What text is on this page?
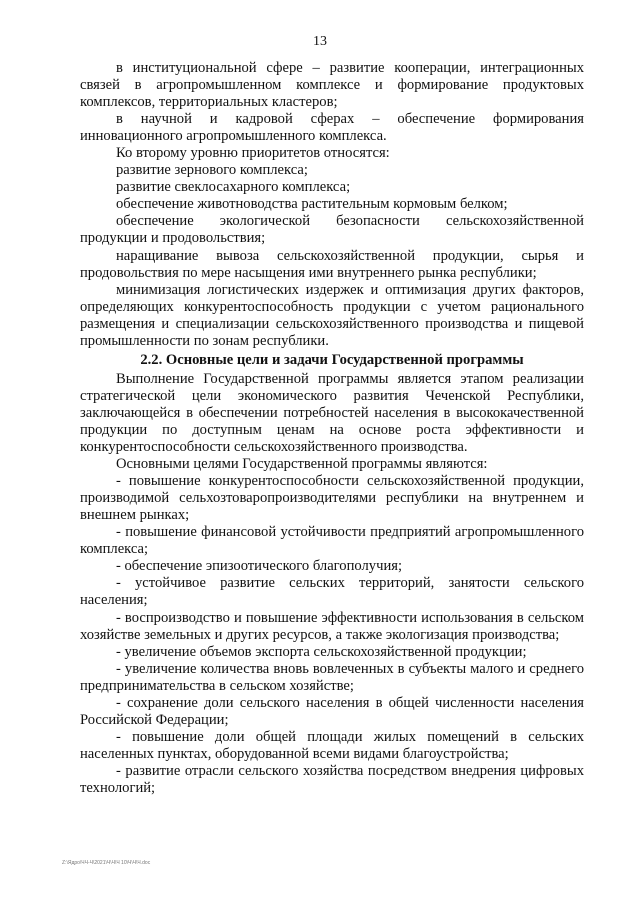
13

в институциональной сфере – развитие кооперации, интеграционных связей в агропромышленном комплексе и формирование продуктовых комплексов, территориальных кластеров;

в научной и кадровой сферах – обеспечение формирования инновационного агропромышленного комплекса.

Ко второму уровню приоритетов относятся:

развитие зернового комплекса;

развитие свеклосахарного комплекса;

обеспечение животноводства растительным кормовым белком;

обеспечение экологической безопасности сельскохозяйственной продукции и продовольствия;

наращивание вывоза сельскохозяйственной продукции, сырья и продовольствия по мере насыщения ими внутреннего рынка республики;

минимизация логистических издержек и оптимизация других факторов, определяющих конкурентоспособность продукции с учетом рационального размещения и специализации сельскохозяйственного производства и пищевой промышленности по зонам республики.

2.2. Основные цели и задачи Государственной программы

Выполнение Государственной программы является этапом реализации стратегической цели экономического развития Чеченской Республики, заключающейся в обеспечении потребностей населения в высококачественной продукции по доступным ценам на основе роста эффективности и конкурентоспособности сельскохозяйственного производства.

Основными целями Государственной программы являются:

- повышение конкурентоспособности сельскохозяйственной продукции, производимой сельхозтоваропроизводителями республики на внутреннем и внешнем рынках;

- повышение финансовой устойчивости предприятий агропромышленного комплекса;

- обеспечение эпизоотического благополучия;

- устойчивое развитие сельских территорий, занятости сельского населения;

- воспроизводство и повышение эффективности использования в сельском хозяйстве земельных и других ресурсов, а также экологизация производства;

- увеличение объемов экспорта сельскохозяйственной продукции;

- увеличение количества вновь вовлеченных в субъекты малого и среднего предпринимательства в сельском хозяйстве;

- сохранение доли сельского населения в общей численности населения Российской Федерации;

- повышение доли общей площади жилых помещений в сельских населенных пунктах, оборудованной всеми видами благоустройства;

- развитие отрасли сельского хозяйства посредством внедрения цифровых технологий;

Z:\Ядро\ЧЧ-Ч\2021\Ч\Ч\Ч 10\Ч\Ч\Ч.doc
